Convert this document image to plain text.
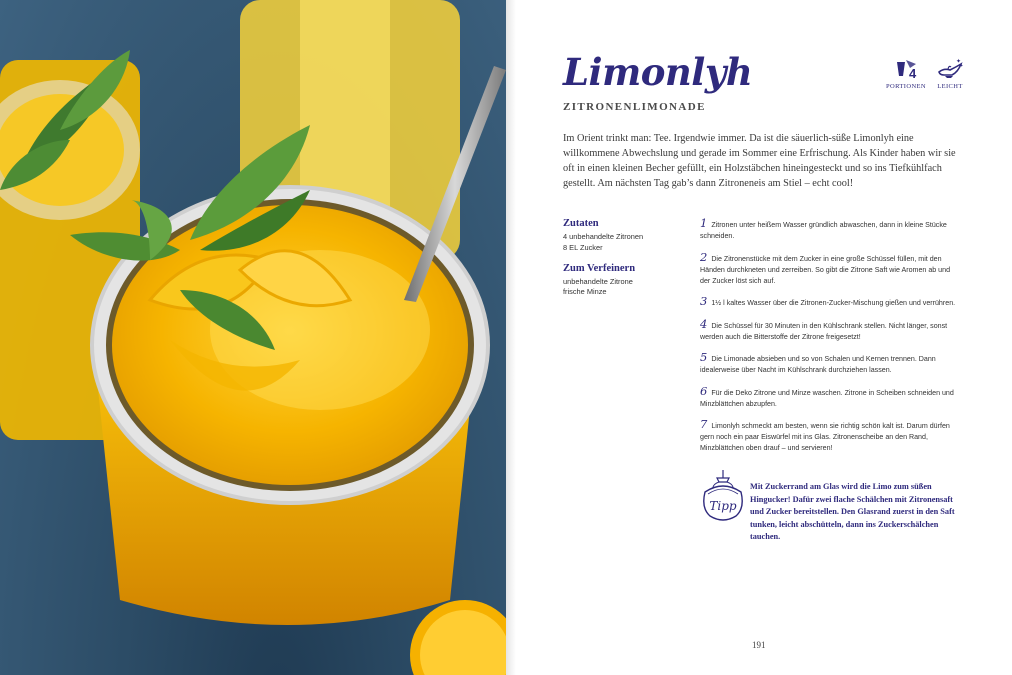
Limonlyh
ZITRONENLIMONADE
4
PORTIONEN
✦
✦
LEICHT

Im Orient trinkt man: Tee. Irgendwie immer. Da ist die säuerlich-süße Limonlyh eine willkommene Abwechslung und gerade im Sommer eine Erfrischung. Als Kinder haben wir sie oft in einen kleinen Becher gefüllt, ein Holzstäbchen hineingesteckt und so ins Tiefkühlfach gestellt. Am nächsten Tag gab’s dann Zitroneneis am Stiel – echt cool!

Zutaten
4 unbehandelte Zitronen
8 EL Zucker
Zum Verfeinern
unbehandelte Zitrone
frische Minze
1 Zitronen unter heißem Wasser gründlich abwaschen, dann in kleine Stücke schneiden.
2 Die Zitronenstücke mit dem Zucker in eine große Schüssel füllen, mit den Händen durchkneten und zerreiben. So gibt die Zitrone Saft wie Aromen ab und der Zucker löst sich auf.
3 1½ l kaltes Wasser über die Zitronen-Zucker-Mischung gießen und verrühren.
4 Die Schüssel für 30 Minuten in den Kühlschrank stellen. Nicht länger, sonst werden auch die Bitterstoffe der Zitrone freigesetzt!
5 Die Limonade absieben und so von Schalen und Kernen trennen. Dann idealerweise über Nacht im Kühlschrank durchziehen lassen.
6 Für die Deko Zitrone und Minze waschen. Zitrone in Scheiben schneiden und Minzblättchen abzupfen.
7 Limonlyh schmeckt am besten, wenn sie richtig schön kalt ist. Darum dürfen gern noch ein paar Eiswürfel mit ins Glas. Zitronenscheibe an den Rand, Minzblättchen oben drauf – und servieren!
Tipp

Mit Zuckerrand am Glas wird die Limo zum süßen Hingucker! Dafür zwei flache Schälchen mit Zitronensaft und Zucker bereitstellen. Den Glasrand zuerst in den Saft tunken, leicht abschütteln, dann ins Zuckerschälchen tauchen.

191
